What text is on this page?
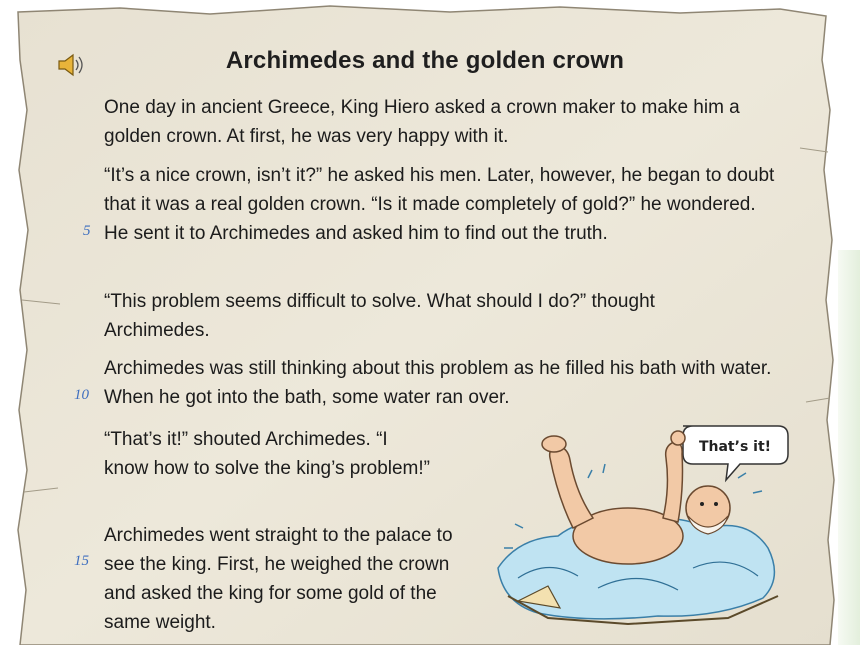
Archimedes and the golden crown

One day in ancient Greece, King Hiero asked a crown maker to make him a golden crown. At first, he was very happy with it.

“It’s a nice crown, isn’t it?” he asked his men. Later, however, he began to doubt that it was a real golden crown. “Is it made completely of gold?” he wondered. He sent it to Archimedes and asked him to find out the truth.

“This problem seems difficult to solve. What should I do?” thought Archimedes.

Archimedes was still thinking about this problem as he filled his bath with water. When he got into the bath, some water ran over.

“That’s it!” shouted Archimedes. “I know how to solve the king’s problem!”

Archimedes went straight to the palace to see the king. First, he weighed the crown and asked the king for some gold of the same weight.

5
10
15
That’s it!
